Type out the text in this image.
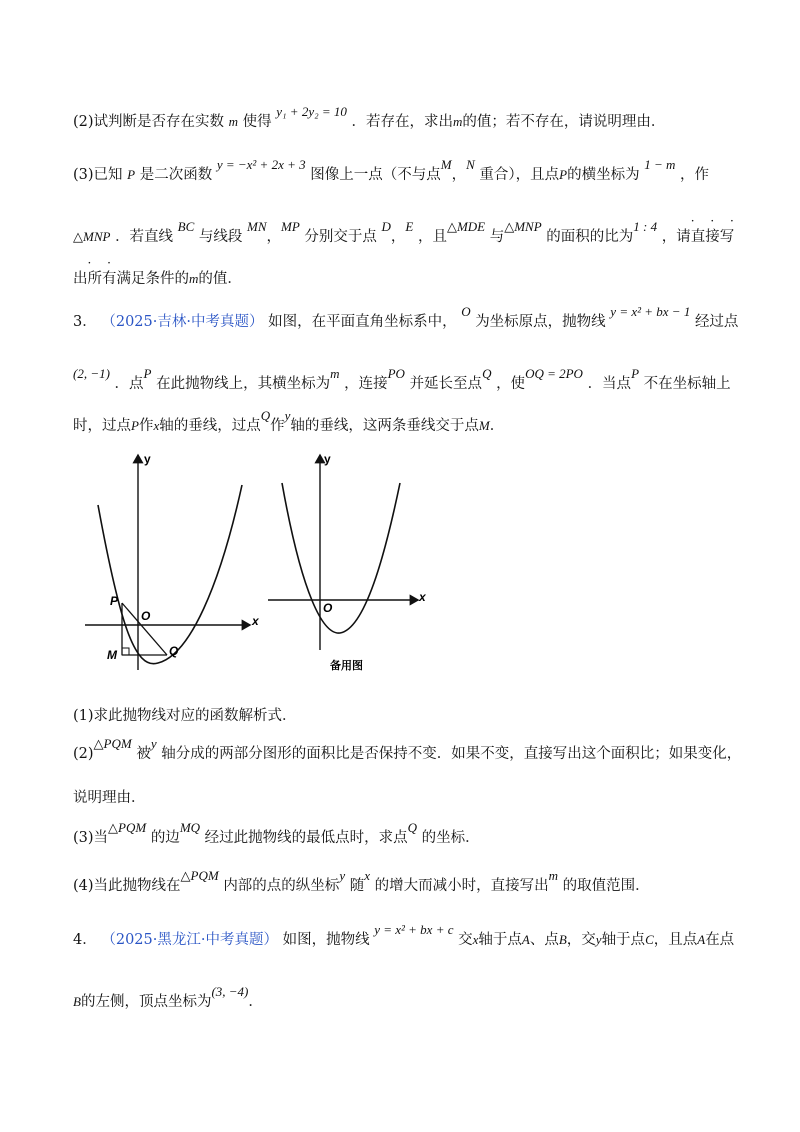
(2)试判断是否存在实数 m 使得 y₁ + 2y₂ = 10 ．若存在，求出m的值；若不存在，请说明理由．
(3)已知 P 是二次函数 y = −x² + 2x + 3 图像上一点（不与点M，N 重合），且点P的横坐标为 1 − m ，作
△MNP ．若直线 BC 与线段 MN，MP 分别交于点 D，E ，且△MDE 与△MNP 的面积的比为1 : 4 ，请
· · ·
直接写
出
· ·
所有满足条件的m的值．
3． （2025·吉林·中考真题） 如图，在平面直角坐标系中， O 为坐标原点，抛物线 y = x² + bx − 1 经过点
(2, −1) ．点P 在此抛物线上，其横坐标为m ，连接PO 并延长至点Q ，使OQ = 2PO ．当点P 不在坐标轴上
时，过点P作x轴的垂线，过点Q作y轴的垂线，这两条垂线交于点M．
y
x
P
O
M	Q
y
x
O
备用图
(1)求此抛物线对应的函数解析式．
(2)△PQM 被y 轴分成的两部分图形的面积比是否保持不变．如果不变，直接写出这个面积比；如果变化，
说明理由．
(3)当△PQM 的边MQ 经过此抛物线的最低点时，求点Q 的坐标．
(4)当此抛物线在△PQM 内部的点的纵坐标y 随x 的增大而减小时，直接写出m 的取值范围．
4． （2025·黑龙江·中考真题） 如图，抛物线 y = x² + bx + c 交x轴于点A、点B，交y轴于点C，且点A在点
B的左侧，顶点坐标为(3, −4)．
